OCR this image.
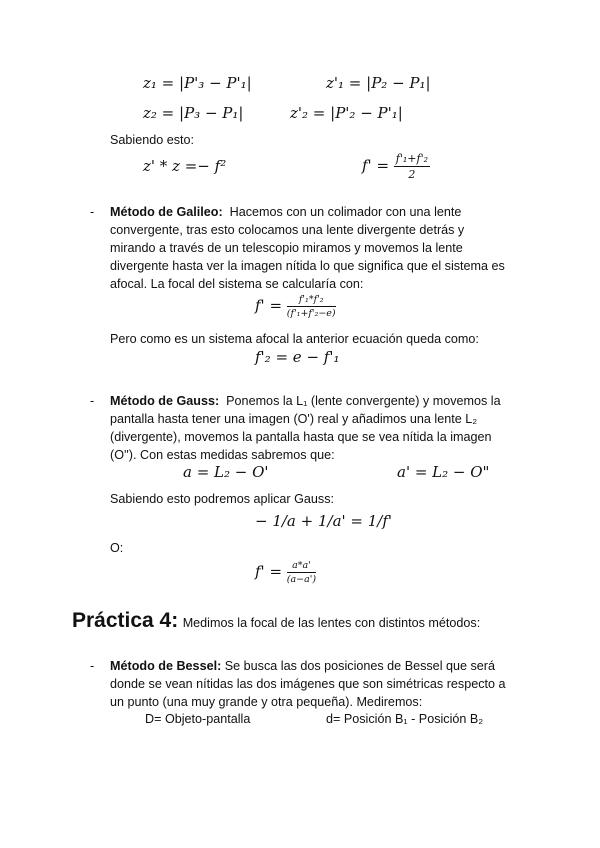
z₁ = |P'₃ − P'₁|	z'₁ = |P₂ − P₁|
z₂ = |P₃ − P₁|	z'₂ = |P'₂ − P'₁|
Sabiendo esto:
z' * z =− f²	$f' = \frac{\text{f'₁+f'₂}}{2}$
- Método de Galileo: Hacemos con un colimador con una lente
convergente, tras esto colocamos una lente divergente detrás y
mirando a través de un telescopio miramos y movemos la lente
divergente hasta ver la imagen nítida lo que significa que el sistema es
afocal. La focal del sistema se calcularía con:
$f' = \frac{\text{f'₁*f'₂}}{\text{(f'₁+f'₂−e)}}$
Pero como es un sistema afocal la anterior ecuación queda como:
f'₂ = e − f'₁
- Método de Gauss: Ponemos la L₁ (lente convergente) y movemos la
pantalla hasta tener una imagen (O') real y añadimos una lente L₂
(divergente), movemos la pantalla hasta que se vea nítida la imagen
(O''). Con estas medidas sabremos que:
a = L₂ − O'	a' = L₂ − O"
Sabiendo esto podremos aplicar Gauss:
− 1/a + 1/a' = 1/f'
O:
$f' = \frac{a*a'}{(a-a')}$
Práctica 4: Medimos la focal de las lentes con distintos métodos:
- Método de Bessel: Se busca las dos posiciones de Bessel que será
donde se vean nítidas las dos imágenes que son simétricas respecto a
un punto (una muy grande y otra pequeña). Mediremos:
D= Objeto-pantalla	d= Posición B₁ - Posición B₂
